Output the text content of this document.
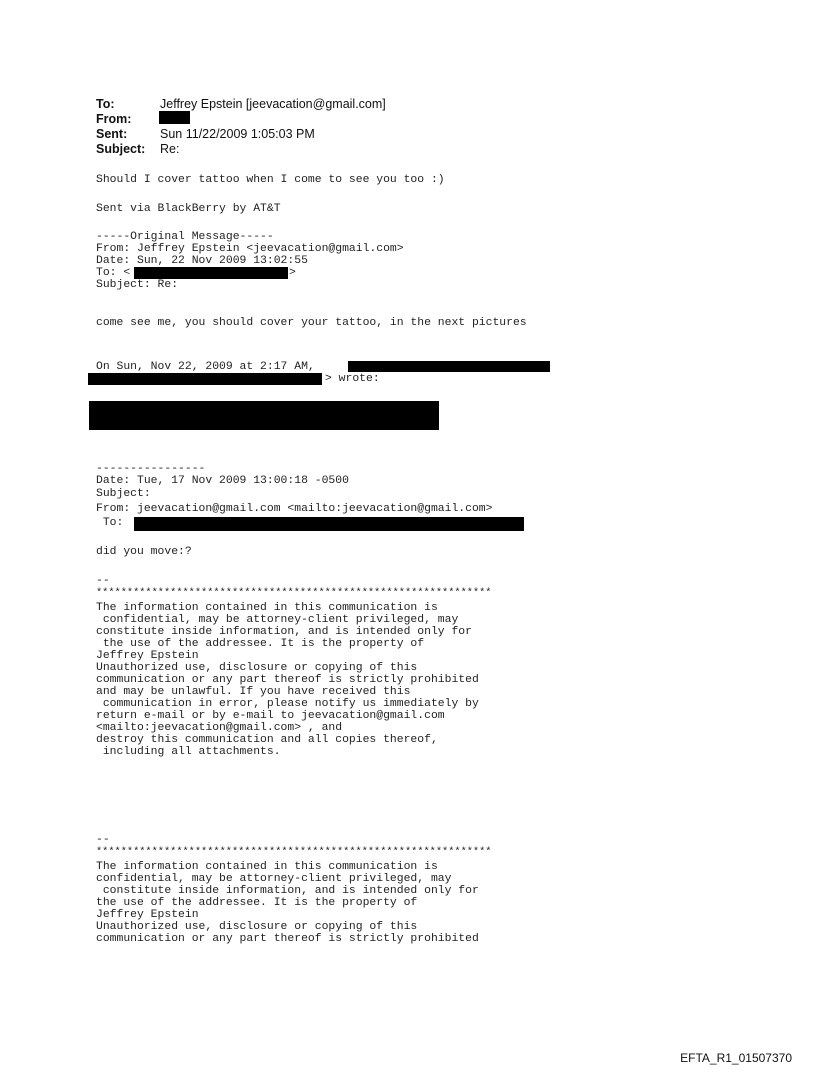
To:	Jeffrey Epstein [jeevacation@gmail.com]
From:
Sent:	Sun 11/22/2009 1:05:03 PM
Subject: Re:
Should I cover tattoo when I come to see you too :)
Sent via BlackBerry by AT&T
-----Original Message-----
From: Jeffrey Epstein <jeevacation@gmail.com>
Date: Sun, 22 Nov 2009 13:02:55
To: <	>
Subject: Re:
come see me, you should cover your tattoo, in the next pictures
On Sun, Nov 22, 2009 at 2:17 AM,
> wrote:
----------------
Date: Tue, 17 Nov 2009 13:00:18 -0500
Subject:
From: jeevacation@gmail.com <mailto:jeevacation@gmail.com>
To:
did you move:?
--
****************************************************************
The information contained in this communication is
confidential, may be attorney-client privileged, may
constitute inside information, and is intended only for
the use of the addressee. It is the property of
Jeffrey Epstein
Unauthorized use, disclosure or copying of this
communication or any part thereof is strictly prohibited
and may be unlawful. If you have received this
communication in error, please notify us immediately by
return e-mail or by e-mail to jeevacation@gmail.com
<mailto:jeevacation@gmail.com> , and
destroy this communication and all copies thereof,
including all attachments.
--
****************************************************************
The information contained in this communication is
confidential, may be attorney-client privileged, may
constitute inside information, and is intended only for
the use of the addressee. It is the property of
Jeffrey Epstein
Unauthorized use, disclosure or copying of this
communication or any part thereof is strictly prohibited
EFTA_R1_01507370
